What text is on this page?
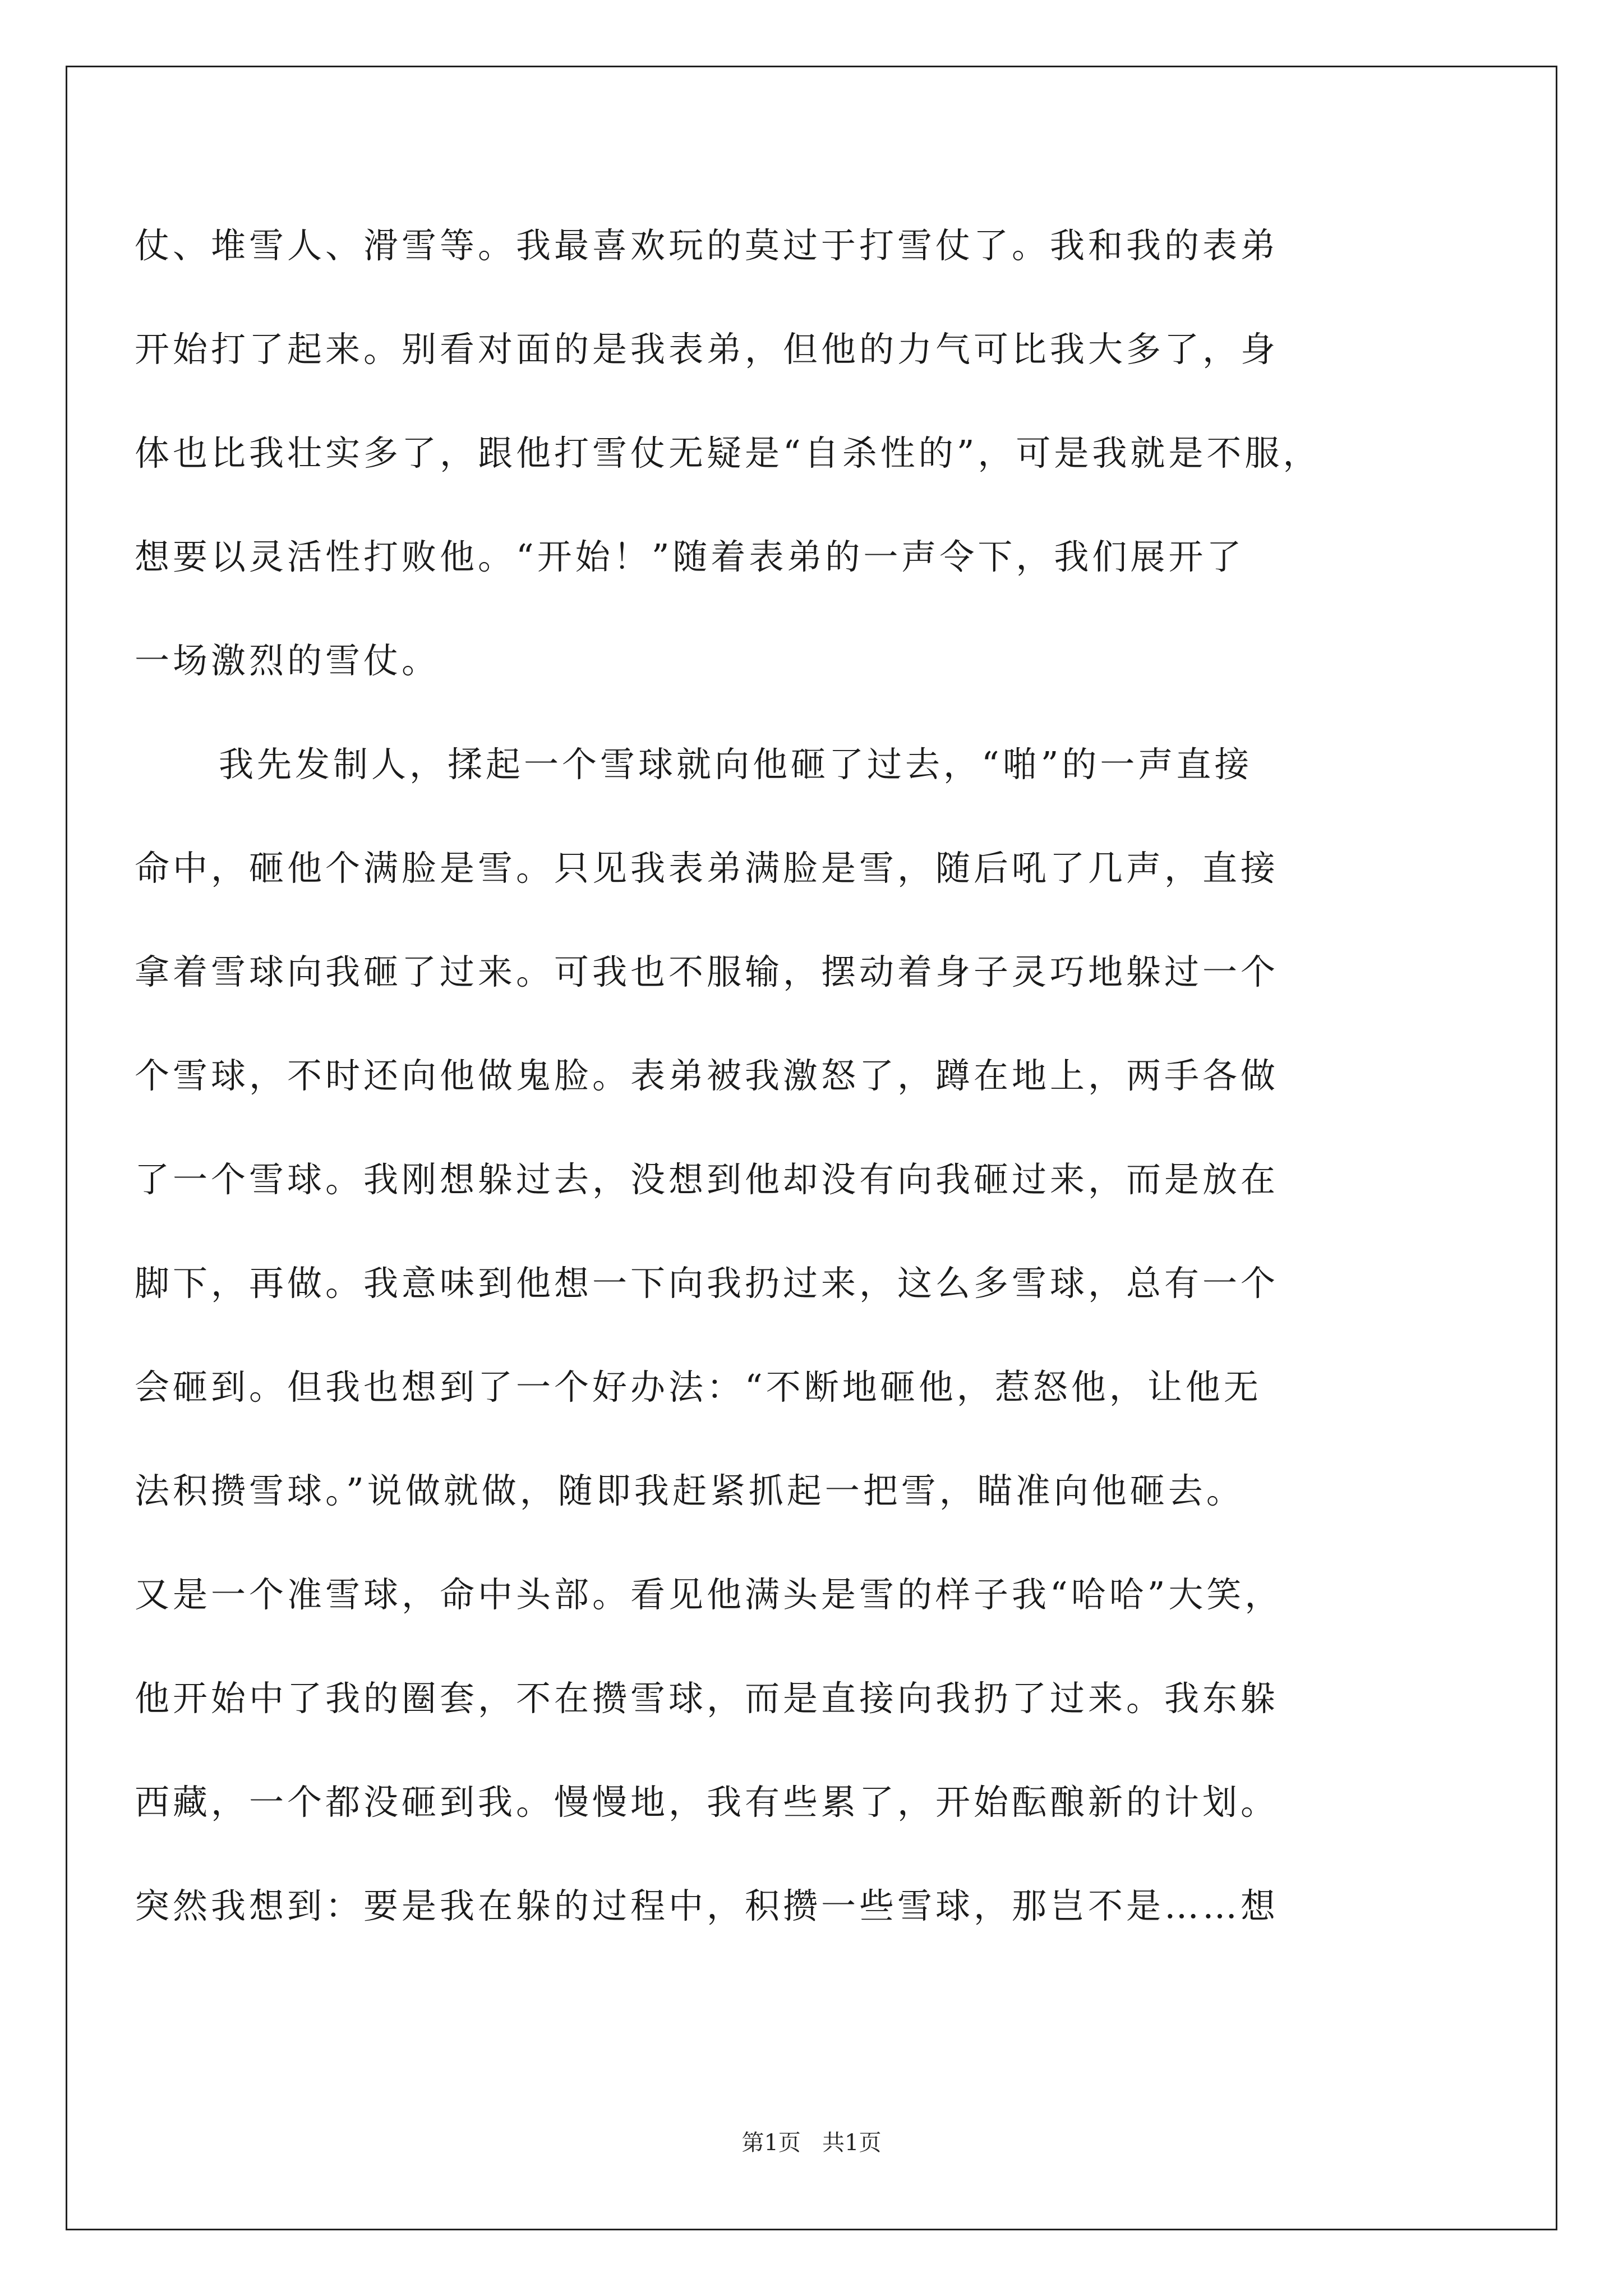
仗、堆雪人、滑雪等。我最喜欢玩的莫过于打雪仗了。我和我的表弟
开始打了起来。别看对面的是我表弟，但他的力气可比我大多了，身
体也比我壮实多了，跟他打雪仗无疑是“自杀性的”，可是我就是不服，
想要以灵活性打败他。“开始！”随着表弟的一声令下，我们展开了
一场激烈的雪仗。
我先发制人，揉起一个雪球就向他砸了过去，“啪”的一声直接
命中，砸他个满脸是雪。只见我表弟满脸是雪，随后吼了几声，直接
拿着雪球向我砸了过来。可我也不服输，摆动着身子灵巧地躲过一个
个雪球，不时还向他做鬼脸。表弟被我激怒了，蹲在地上，两手各做
了一个雪球。我刚想躲过去，没想到他却没有向我砸过来，而是放在
脚下，再做。我意味到他想一下向我扔过来，这么多雪球，总有一个
会砸到。但我也想到了一个好办法：“不断地砸他，惹怒他，让他无
法积攒雪球。”说做就做，随即我赶紧抓起一把雪，瞄准向他砸去。
又是一个准雪球，命中头部。看见他满头是雪的样子我“哈哈”大笑，
他开始中了我的圈套，不在攒雪球，而是直接向我扔了过来。我东躲
西藏，一个都没砸到我。慢慢地，我有些累了，开始酝酿新的计划。
突然我想到：要是我在躲的过程中，积攒一些雪球，那岂不是……想
第1页   共1页
